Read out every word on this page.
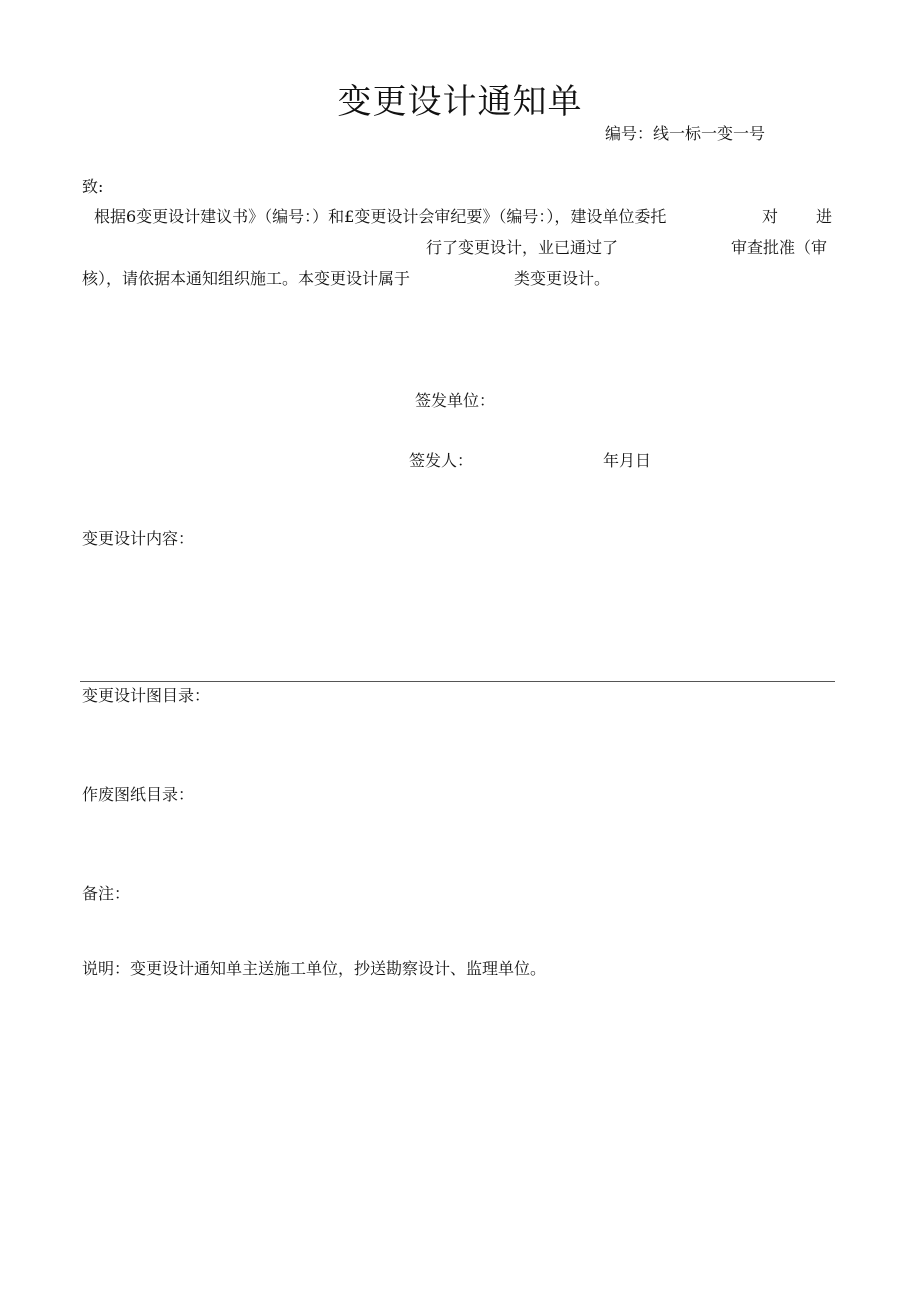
变更设计通知单
编号：线一标一变一号
致:
根据6变更设计建议书》（编号：）和£变更设计会审纪要》（编号：），建设单位委托	对 进
行了变更设计，业已通过了	审查批准（审
核），请依据本通知组织施工。本变更设计属于	类变更设计。
签发单位：
签发人：	年月日
变更设计内容：
变更设计图目录：
作废图纸目录：
备注：
说明：变更设计通知单主送施工单位，抄送勘察设计、监理单位。
